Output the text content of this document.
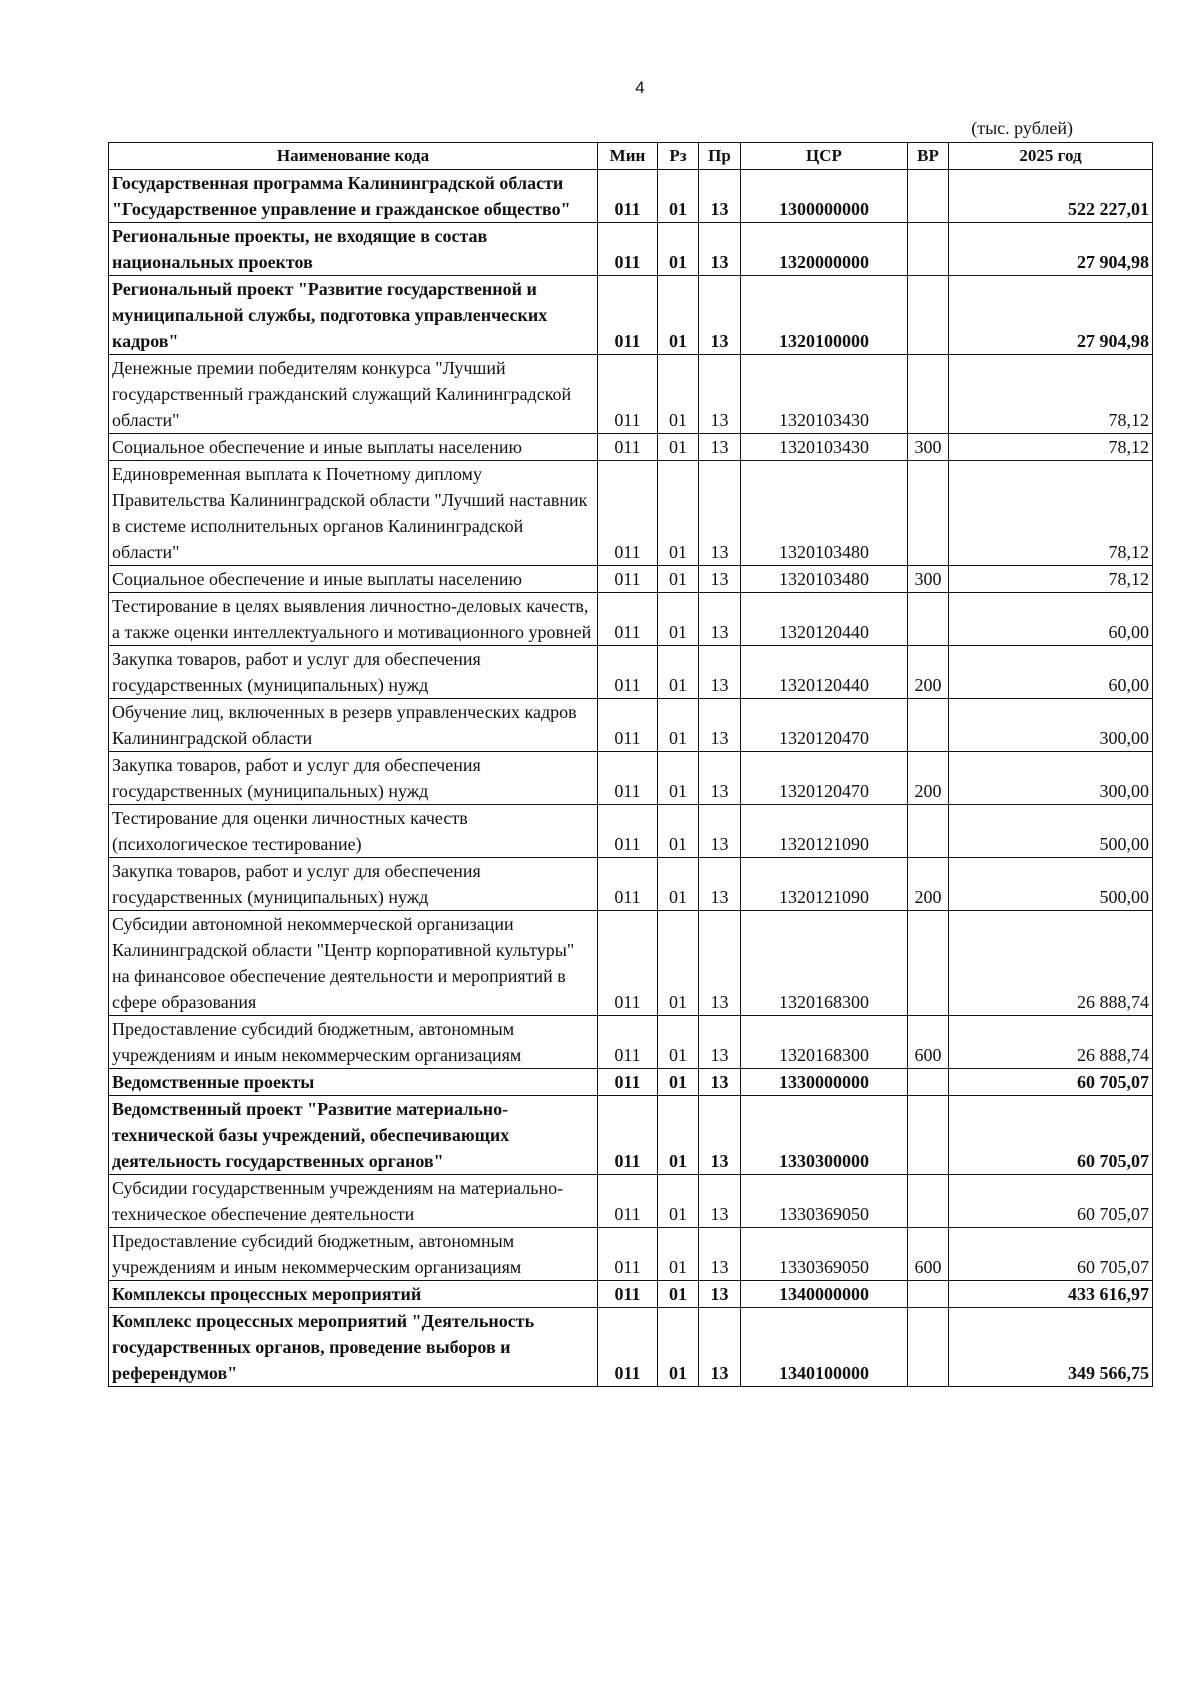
4
(тыс. рублей)
Наименование кода	Мин	Рз	Пр	ЦСР	ВР	2025 год
Государственная программа Калининградской области "Государственное управление и гражданское общество"	011	01	13	1300000000		522 227,01
Региональные проекты, не входящие в состав национальных проектов	011	01	13	1320000000		27 904,98
Региональный проект "Развитие государственной и муниципальной службы, подготовка управленческих кадров"	011	01	13	1320100000		27 904,98
Денежные премии победителям конкурса "Лучший государственный гражданский служащий Калининградской области"	011	01	13	1320103430		78,12
Социальное обеспечение и иные выплаты населению	011	01	13	1320103430	300	78,12
Единовременная выплата к Почетному диплому Правительства Калининградской области "Лучший наставник в системе исполнительных органов Калининградской области"	011	01	13	1320103480		78,12
Социальное обеспечение и иные выплаты населению	011	01	13	1320103480	300	78,12
Тестирование в целях выявления личностно-деловых качеств, а также оценки интеллектуального и мотивационного уровней	011	01	13	1320120440		60,00
Закупка товаров, работ и услуг для обеспечения государственных (муниципальных) нужд	011	01	13	1320120440	200	60,00
Обучение лиц, включенных в резерв управленческих кадров Калининградской области	011	01	13	1320120470		300,00
Закупка товаров, работ и услуг для обеспечения государственных (муниципальных) нужд	011	01	13	1320120470	200	300,00
Тестирование для оценки личностных качеств (психологическое тестирование)	011	01	13	1320121090		500,00
Закупка товаров, работ и услуг для обеспечения государственных (муниципальных) нужд	011	01	13	1320121090	200	500,00
Субсидии автономной некоммерческой организации Калининградской области "Центр корпоративной культуры" на финансовое обеспечение деятельности и мероприятий в сфере образования	011	01	13	1320168300		26 888,74
Предоставление субсидий бюджетным, автономным учреждениям и иным некоммерческим организациям	011	01	13	1320168300	600	26 888,74
Ведомственные проекты	011	01	13	1330000000		60 705,07
Ведомственный проект "Развитие материально-технической базы учреждений, обеспечивающих деятельность государственных органов"	011	01	13	1330300000		60 705,07
Субсидии государственным учреждениям на материально-техническое обеспечение деятельности	011	01	13	1330369050		60 705,07
Предоставление субсидий бюджетным, автономным учреждениям и иным некоммерческим организациям	011	01	13	1330369050	600	60 705,07
Комплексы процессных мероприятий	011	01	13	1340000000		433 616,97
Комплекс процессных мероприятий "Деятельность государственных органов, проведение выборов и референдумов"	011	01	13	1340100000		349 566,75
